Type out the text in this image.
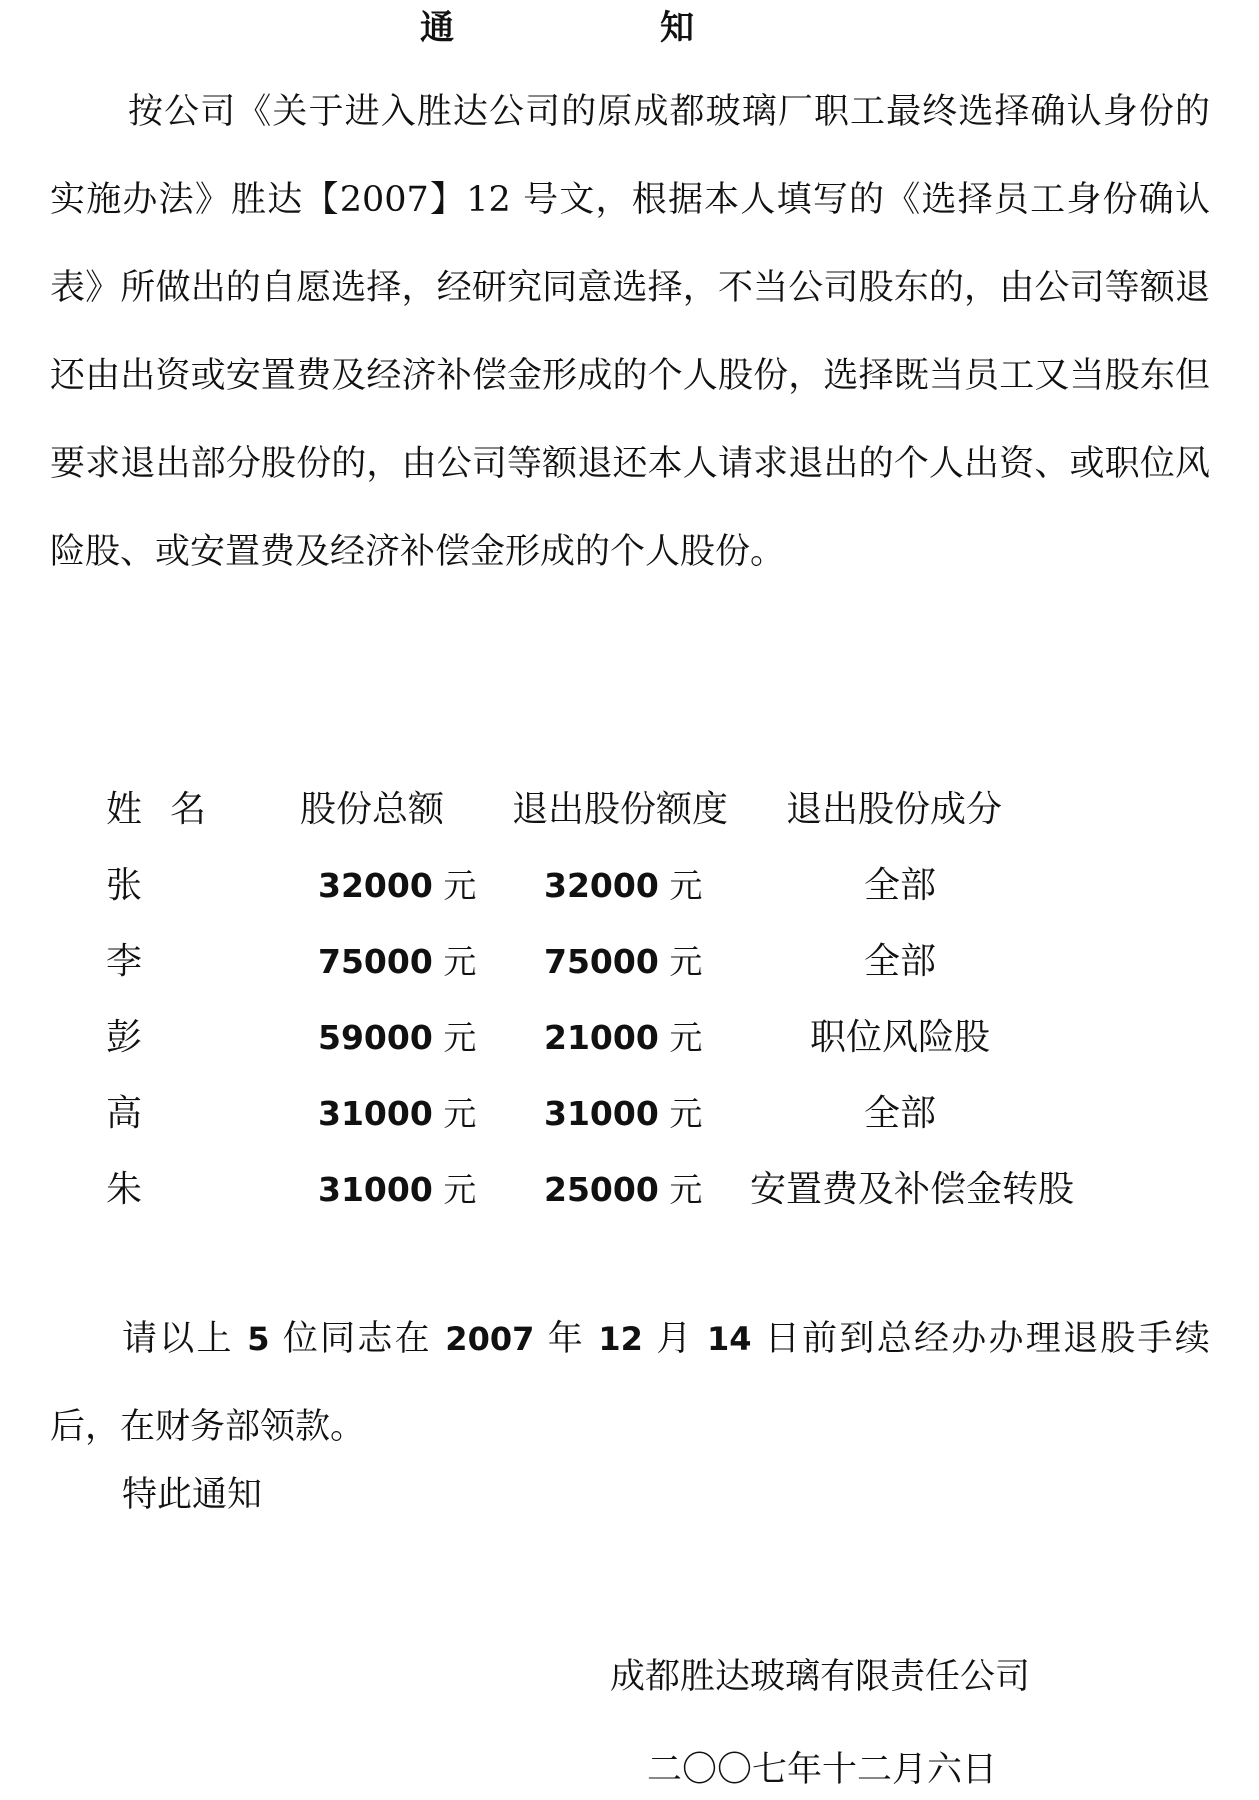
通	知
按公司《关于进入胜达公司的原成都玻璃厂职工最终选择确认身份的实施办法》胜达【2007】12 号文，根据本人填写的《选择员工身份确认表》所做出的自愿选择，经研究同意选择，不当公司股东的，由公司等额退还由出资或安置费及经济补偿金形成的个人股份，选择既当员工又当股东但要求退出部分股份的，由公司等额退还本人请求退出的个人出资、或职位风险股、或安置费及经济补偿金形成的个人股份。
姓名 股份总额 退出股份额度 退出股份成分
张	32000 元 32000 元	全部
李	75000 元 75000 元	全部
彭	59000 元 21000 元	职位风险股
高	31000 元 31000 元	全部
朱	31000 元 25000 元 安置费及补偿金转股
请以上 5 位同志在 2007 年 12 月 14 日前到总经办办理退股手续后，在财务部领款。
特此通知
成都胜达玻璃有限责任公司
二〇〇七年十二月六日
